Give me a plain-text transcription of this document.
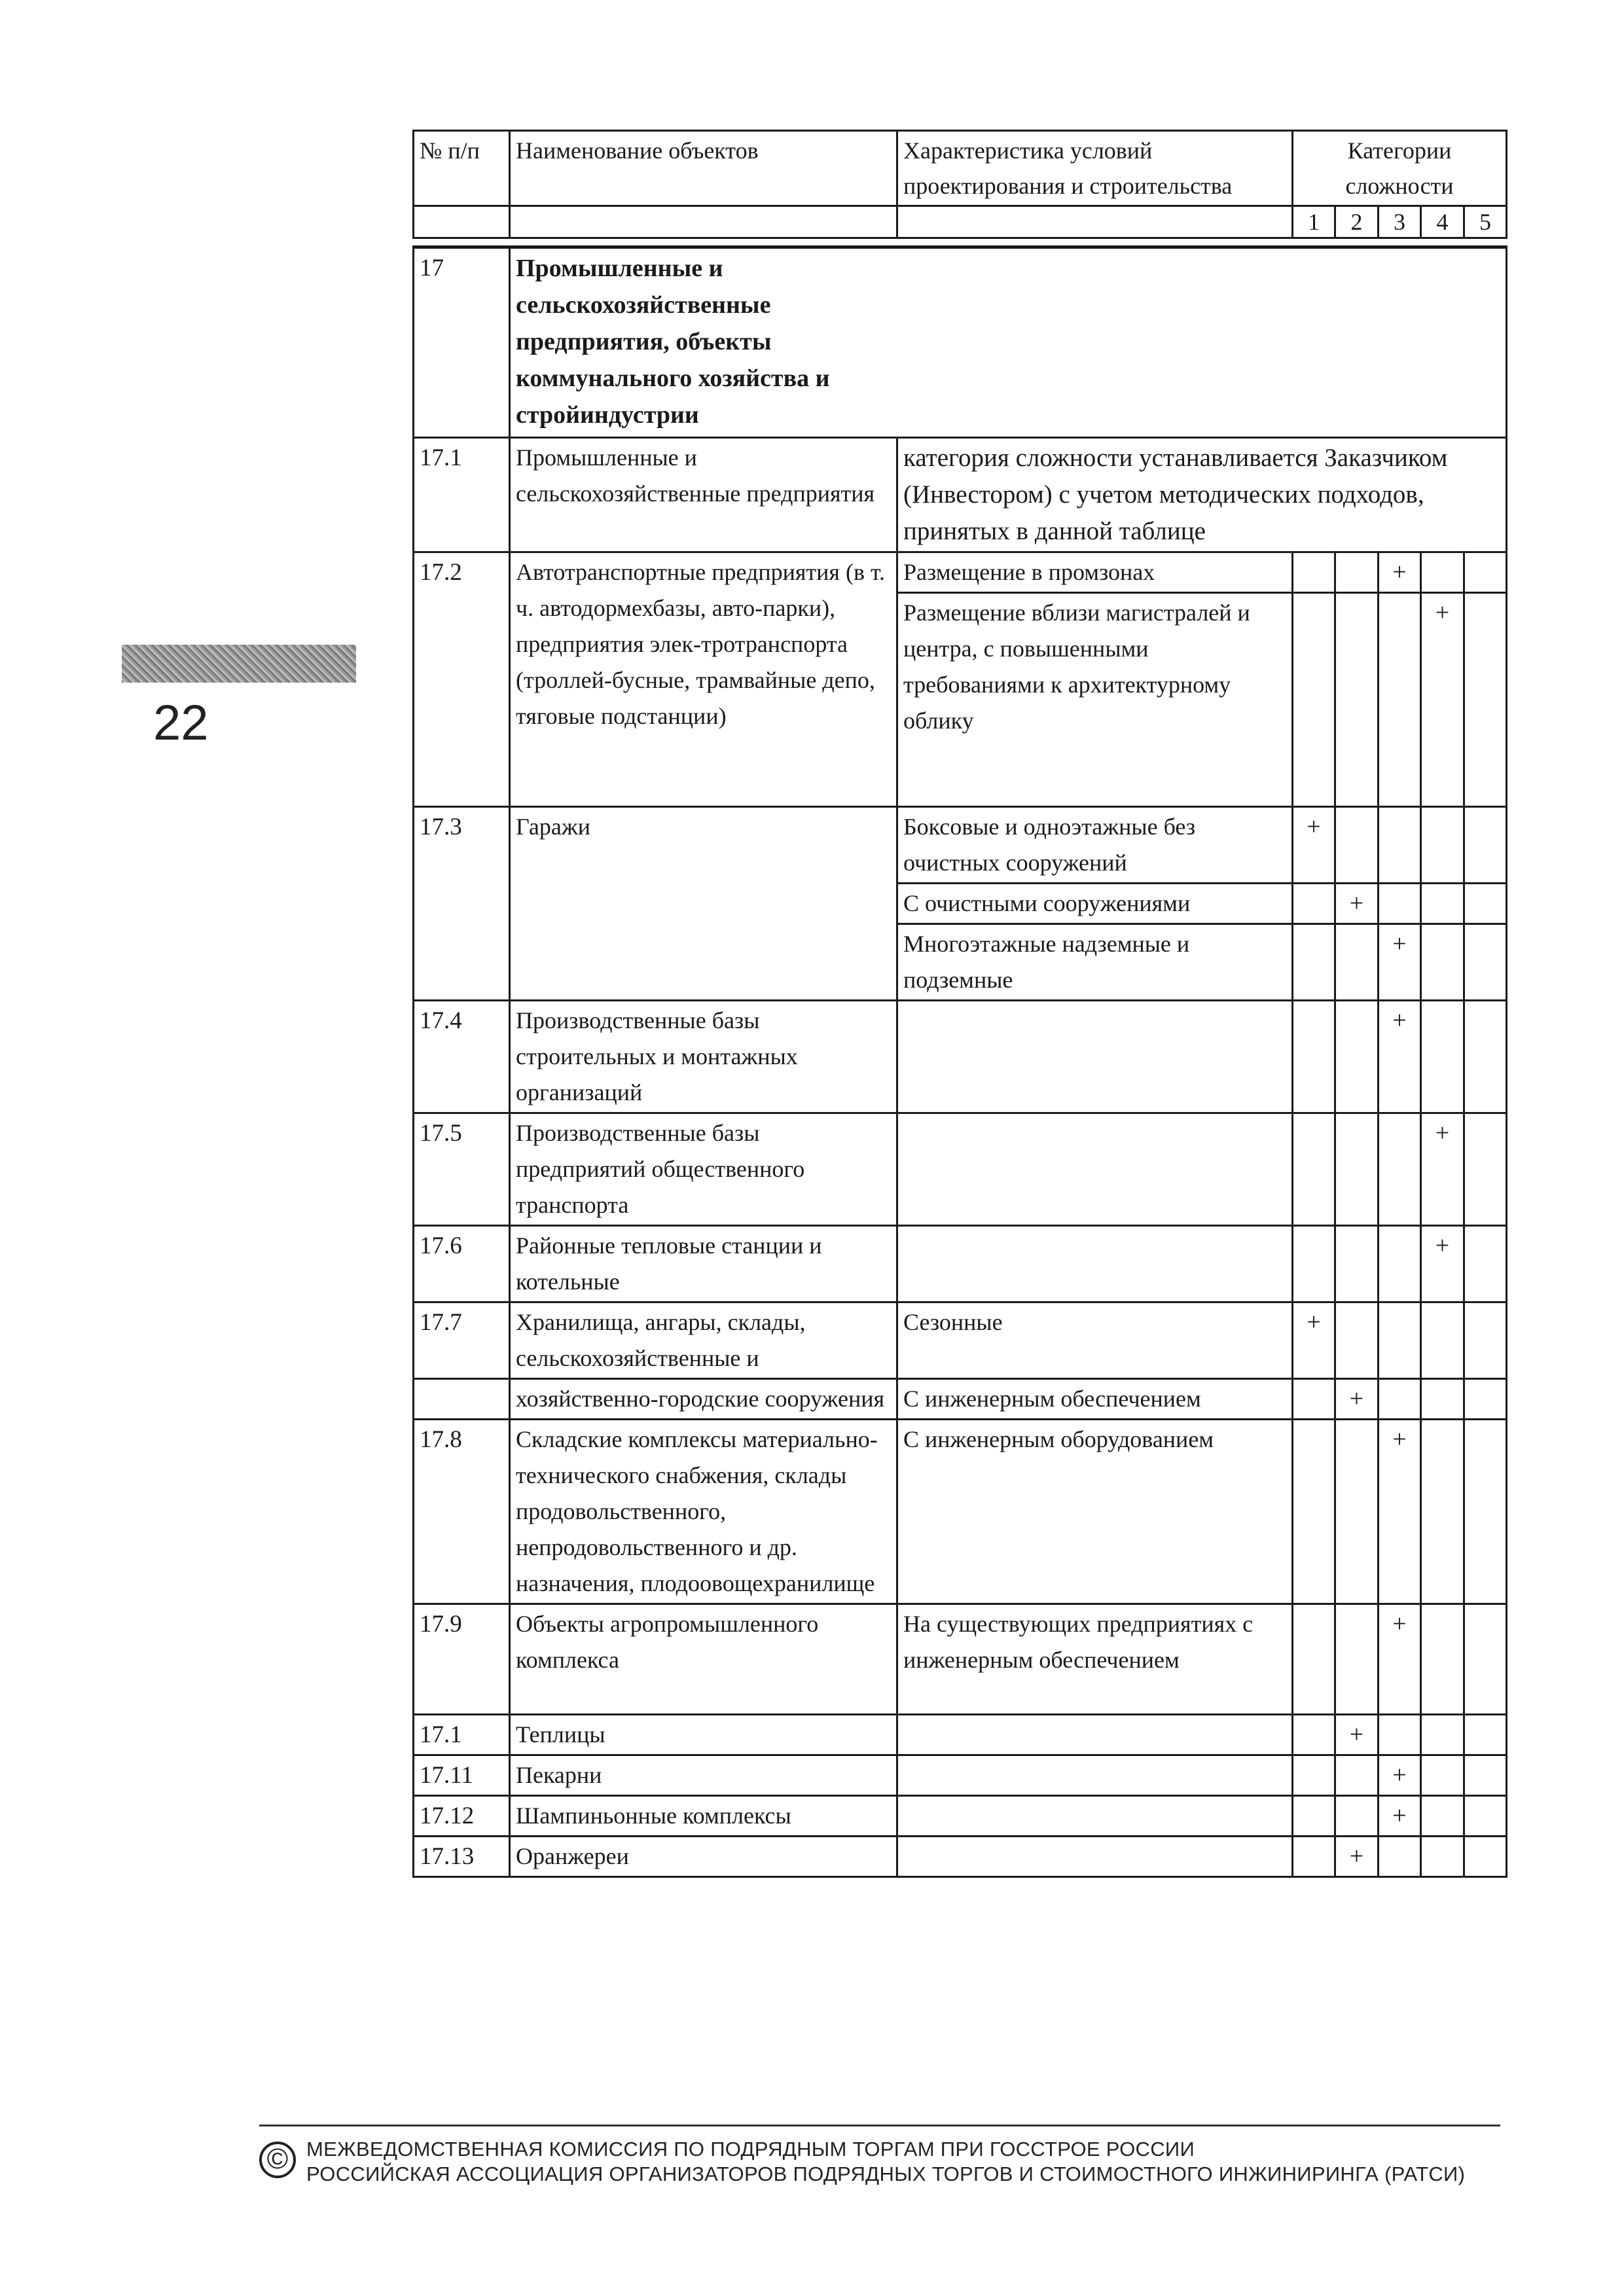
22
№ п/п	Наименование объектов	Характеристика условий проектирования и строительства	Категории сложности				
			1	2	3	4	5

17	Промышленные и сельскохозяйственные предприятия, объекты коммунального хозяйства и стройиндустрии						

17.1	Промышленные и сельскохозяйственные предприятия	категория сложности устанавливается Заказчиком (Инвестором) с учетом методических подходов, принятых в данной таблице					
17.2	Автотранспортные предприятия (в т. ч. автодормехбазы, авто-парки), предприятия элек-тротранспорта (троллей-бусные, трамвайные депо, тяговые подстанции)	Размещение в промзонах			+		
		Размещение вблизи магистралей и центра, с повышенными требованиями к архитектурному облику				+	
17.3	Гаражи	Боксовые и одноэтажные без очистных сооружений	+				
		С очистными сооружениями		+			
		Многоэтажные надземные и подземные			+		
17.4	Производственные базы строительных и монтажных организаций				+		
17.5	Производственные базы предприятий общественного транспорта					+	
17.6	Районные тепловые станции и котельные					+	
17.7	Хранилища, ангары, склады, сельскохозяйственные и	Сезонные	+				
	хозяйственно-городские сооружения	С инженерным обеспечением		+			
17.8	Складские комплексы материально-технического снабжения, склады продовольственного, непродовольственного и др. назначения, плодоовощехранилище	С инженерным оборудованием			+		
17.9	Объекты агропромышленного комплекса	На существующих предприятиях с инженерным обеспечением			+		
17.1	Теплицы			+			
17.11	Пекарни				+		
17.12	Шампиньонные комплексы				+		
17.13	Оранжереи			+			
© МЕЖВЕДОМСТВЕННАЯ КОМИССИЯ ПО ПОДРЯДНЫМ ТОРГАМ ПРИ ГОССТРОЕ РОССИИ
РОССИЙСКАЯ АССОЦИАЦИЯ ОРГАНИЗАТОРОВ ПОДРЯДНЫХ ТОРГОВ И СТОИМОСТНОГО ИНЖИНИРИНГА (РАТСИ)
